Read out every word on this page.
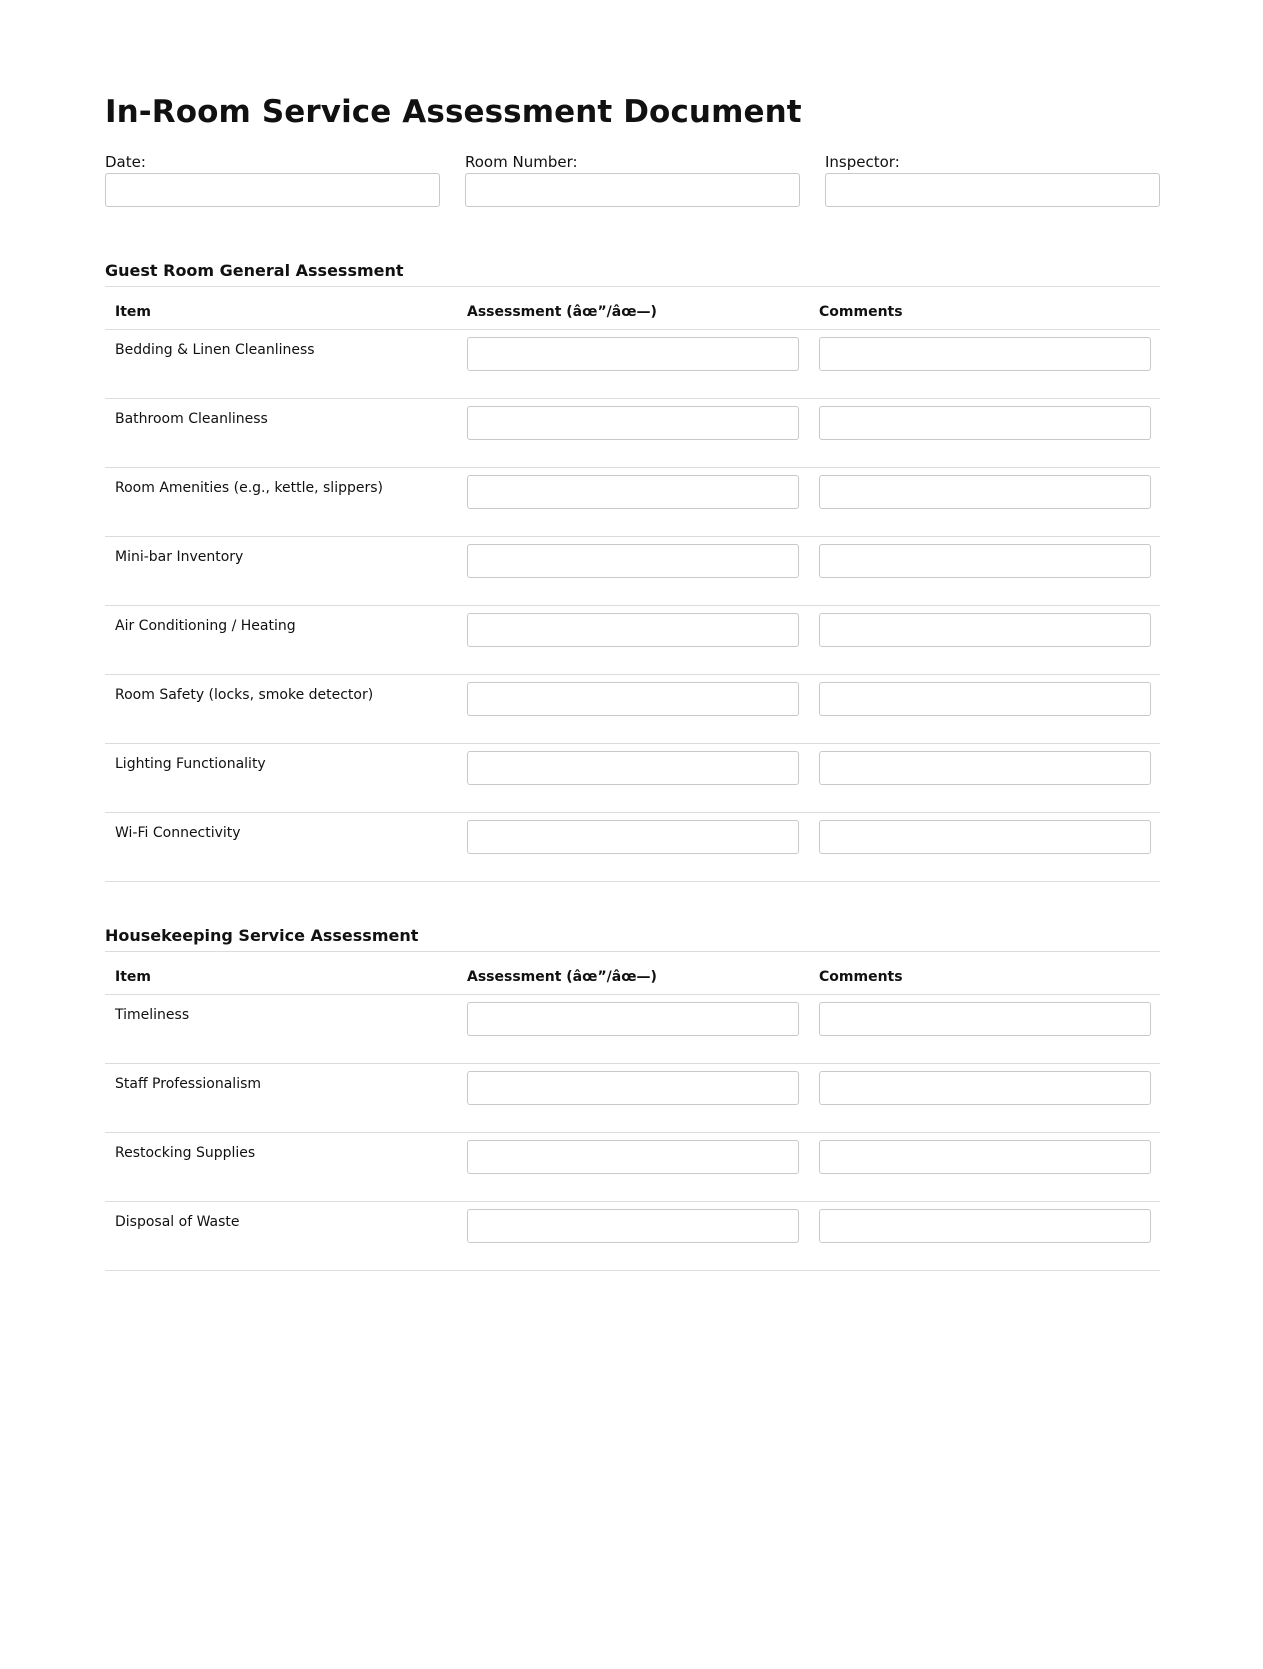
In-Room Service Assessment Document
Date:	Room Number:	Inspector:
Guest Room General Assessment
Item	Assessment (âœ”/âœ—)	Comments
Bedding & Linen Cleanliness
Bathroom Cleanliness
Room Amenities (e.g., kettle, slippers)
Mini-bar Inventory
Air Conditioning / Heating
Room Safety (locks, smoke detector)
Lighting Functionality
Wi-Fi Connectivity
Housekeeping Service Assessment
Item	Assessment (âœ”/âœ—)	Comments
Timeliness
Staff Professionalism
Restocking Supplies
Disposal of Waste
